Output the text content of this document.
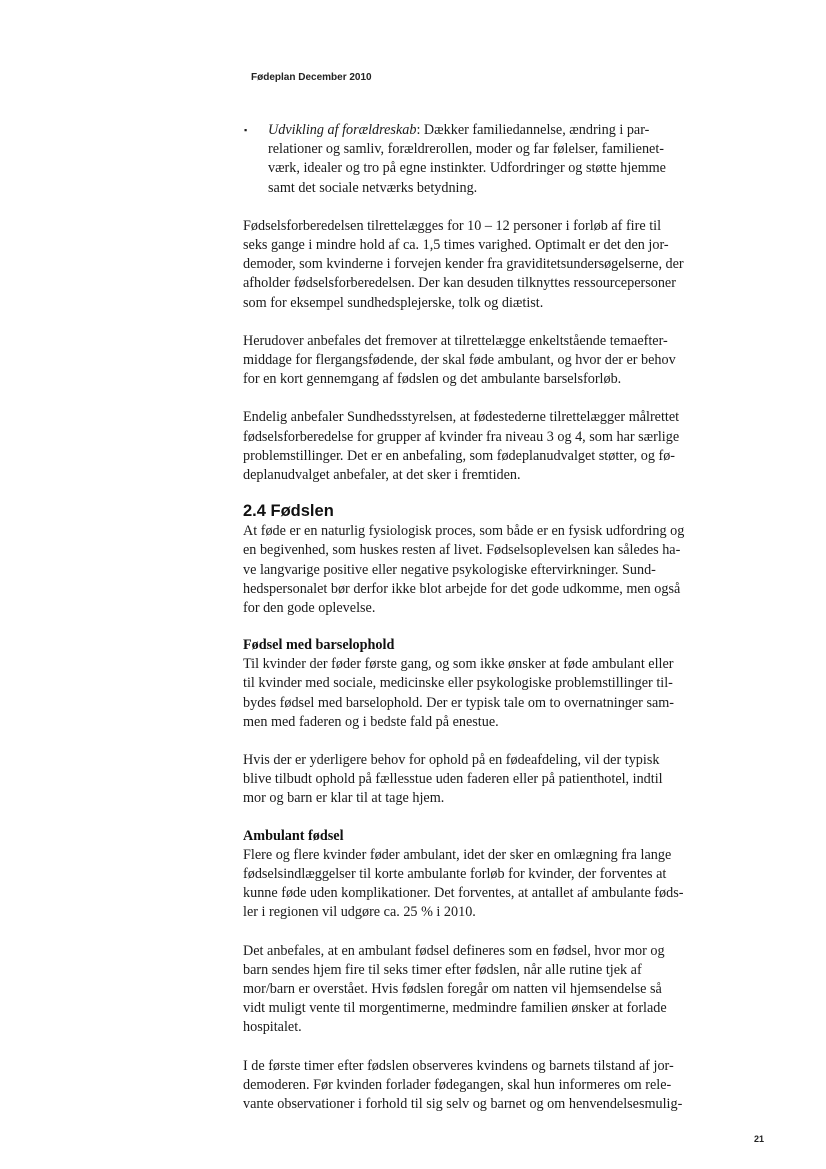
Fødeplan December 2010
▪ Udvikling af forældreskab: Dækker familiedannelse, ændring i par-
relationer og samliv, forældrerollen, moder og far følelser, familienet-
værk, idealer og tro på egne instinkter. Udfordringer og støtte hjemme
samt det sociale netværks betydning.

Fødselsforberedelsen tilrettelægges for 10 – 12 personer i forløb af fire til
seks gange i mindre hold af ca. 1,5 times varighed. Optimalt er det den jor-
demoder, som kvinderne i forvejen kender fra graviditetsundersøgelserne, der
afholder fødselsforberedelsen. Der kan desuden tilknyttes ressourcepersoner
som for eksempel sundhedsplejerske, tolk og diætist.

Herudover anbefales det fremover at tilrettelægge enkeltstående temaefter-
middage for flergangsfødende, der skal føde ambulant, og hvor der er behov
for en kort gennemgang af fødslen og det ambulante barselsforløb.

Endelig anbefaler Sundhedsstyrelsen, at fødestederne tilrettelægger målrettet
fødselsforberedelse for grupper af kvinder fra niveau 3 og 4, som har særlige
problemstillinger. Det er en anbefaling, som fødeplanudvalget støtter, og fø-
deplanudvalget anbefaler, at det sker i fremtiden.

2.4 Fødslen

At føde er en naturlig fysiologisk proces, som både er en fysisk udfordring og
en begivenhed, som huskes resten af livet. Fødselsoplevelsen kan således ha-
ve langvarige positive eller negative psykologiske eftervirkninger. Sund-
hedspersonalet bør derfor ikke blot arbejde for det gode udkomme, men også
for den gode oplevelse.

Fødsel med barselophold

Til kvinder der føder første gang, og som ikke ønsker at føde ambulant eller
til kvinder med sociale, medicinske eller psykologiske problemstillinger til-
bydes fødsel med barselophold. Der er typisk tale om to overnatninger sam-
men med faderen og i bedste fald på enestue.

Hvis der er yderligere behov for ophold på en fødeafdeling, vil der typisk
blive tilbudt ophold på fællesstue uden faderen eller på patienthotel, indtil
mor og barn er klar til at tage hjem.

Ambulant fødsel

Flere og flere kvinder føder ambulant, idet der sker en omlægning fra lange
fødselsindlæggelser til korte ambulante forløb for kvinder, der forventes at
kunne føde uden komplikationer. Det forventes, at antallet af ambulante føds-
ler i regionen vil udgøre ca. 25 % i 2010.

Det anbefales, at en ambulant fødsel defineres som en fødsel, hvor mor og
barn sendes hjem fire til seks timer efter fødslen, når alle rutine tjek af
mor/barn er overstået. Hvis fødslen foregår om natten vil hjemsendelse så
vidt muligt vente til morgentimerne, medmindre familien ønsker at forlade
hospitalet.

I de første timer efter fødslen observeres kvindens og barnets tilstand af jor-
demoderen. Før kvinden forlader fødegangen, skal hun informeres om rele-
vante observationer i forhold til sig selv og barnet og om henvendelsesmulig-

21
